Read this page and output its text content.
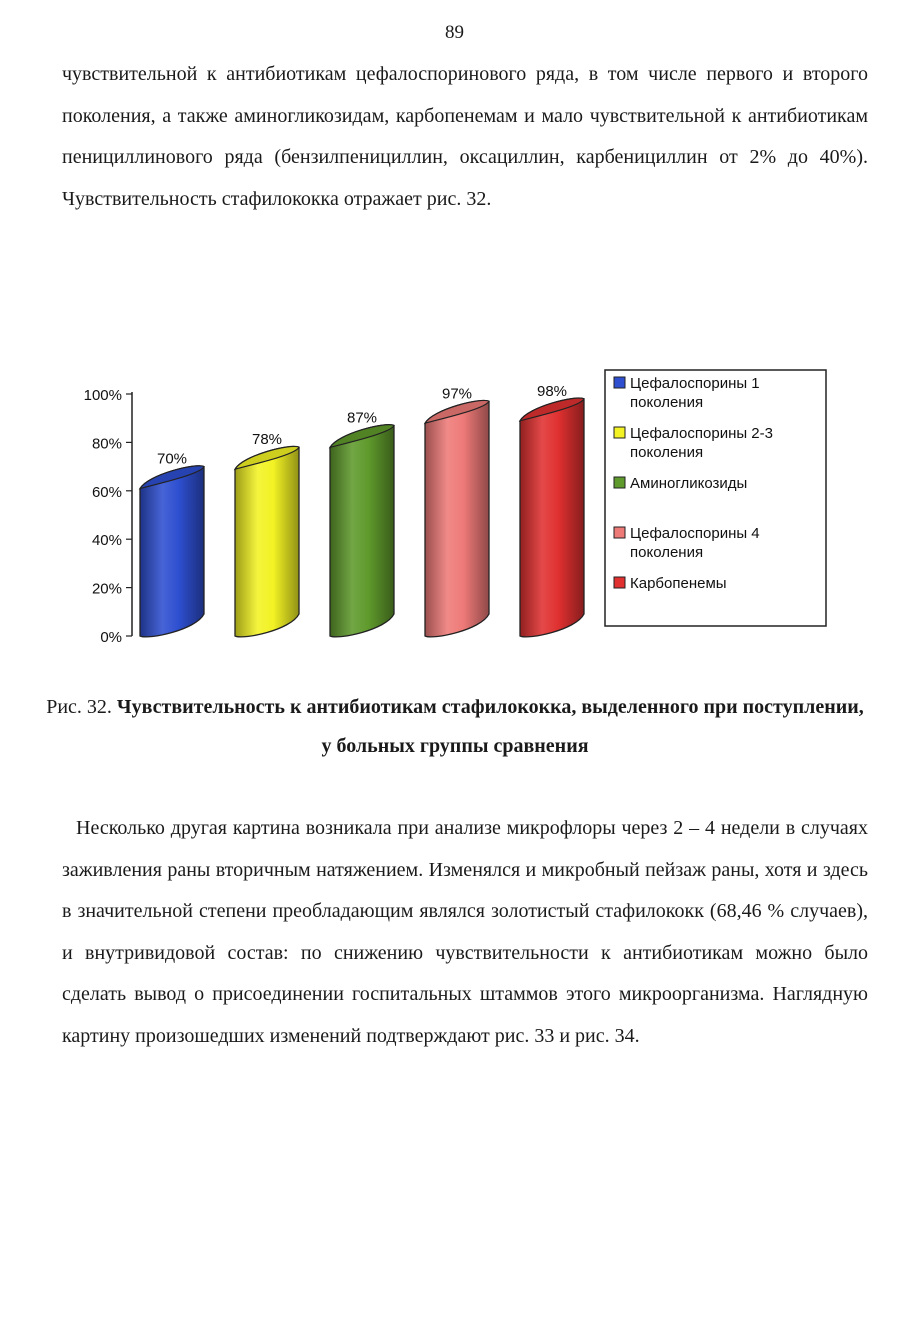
89

чувствительной к антибиотикам цефалоспоринового ряда, в том числе первого и второго поколения, а также аминогликозидам, карбопенемам и мало чувствительной к антибиотикам пенициллинового ряда (бензилпенициллин, оксациллин, карбенициллин от 2% до 40%). Чувствительность стафилококка отражает рис. 32.

0%
20%
40%
60%
80%
100%
70%
78%
87%
97%	98%	Цефалоспорины 1
поколения
Цефалоспорины 2-3
поколения
Аминогликозиды
Цефалоспорины 4
поколения
Карбопенемы

Рис. 32. Чувствительность к антибиотикам стафилококка, выделенного при поступлении, у больных группы сравнения

Несколько другая картина возникала при анализе микрофлоры через 2 – 4 недели в случаях заживления раны вторичным натяжением. Изменялся и микробный пейзаж раны, хотя и здесь в значительной степени преобладающим являлся золотистый стафилококк (68,46 % случаев), и внутривидовой состав: по снижению чувствительности к антибиотикам можно было сделать вывод о присоединении госпитальных штаммов этого микроорганизма. Наглядную картину произошедших изменений подтверждают рис. 33 и рис. 34.
